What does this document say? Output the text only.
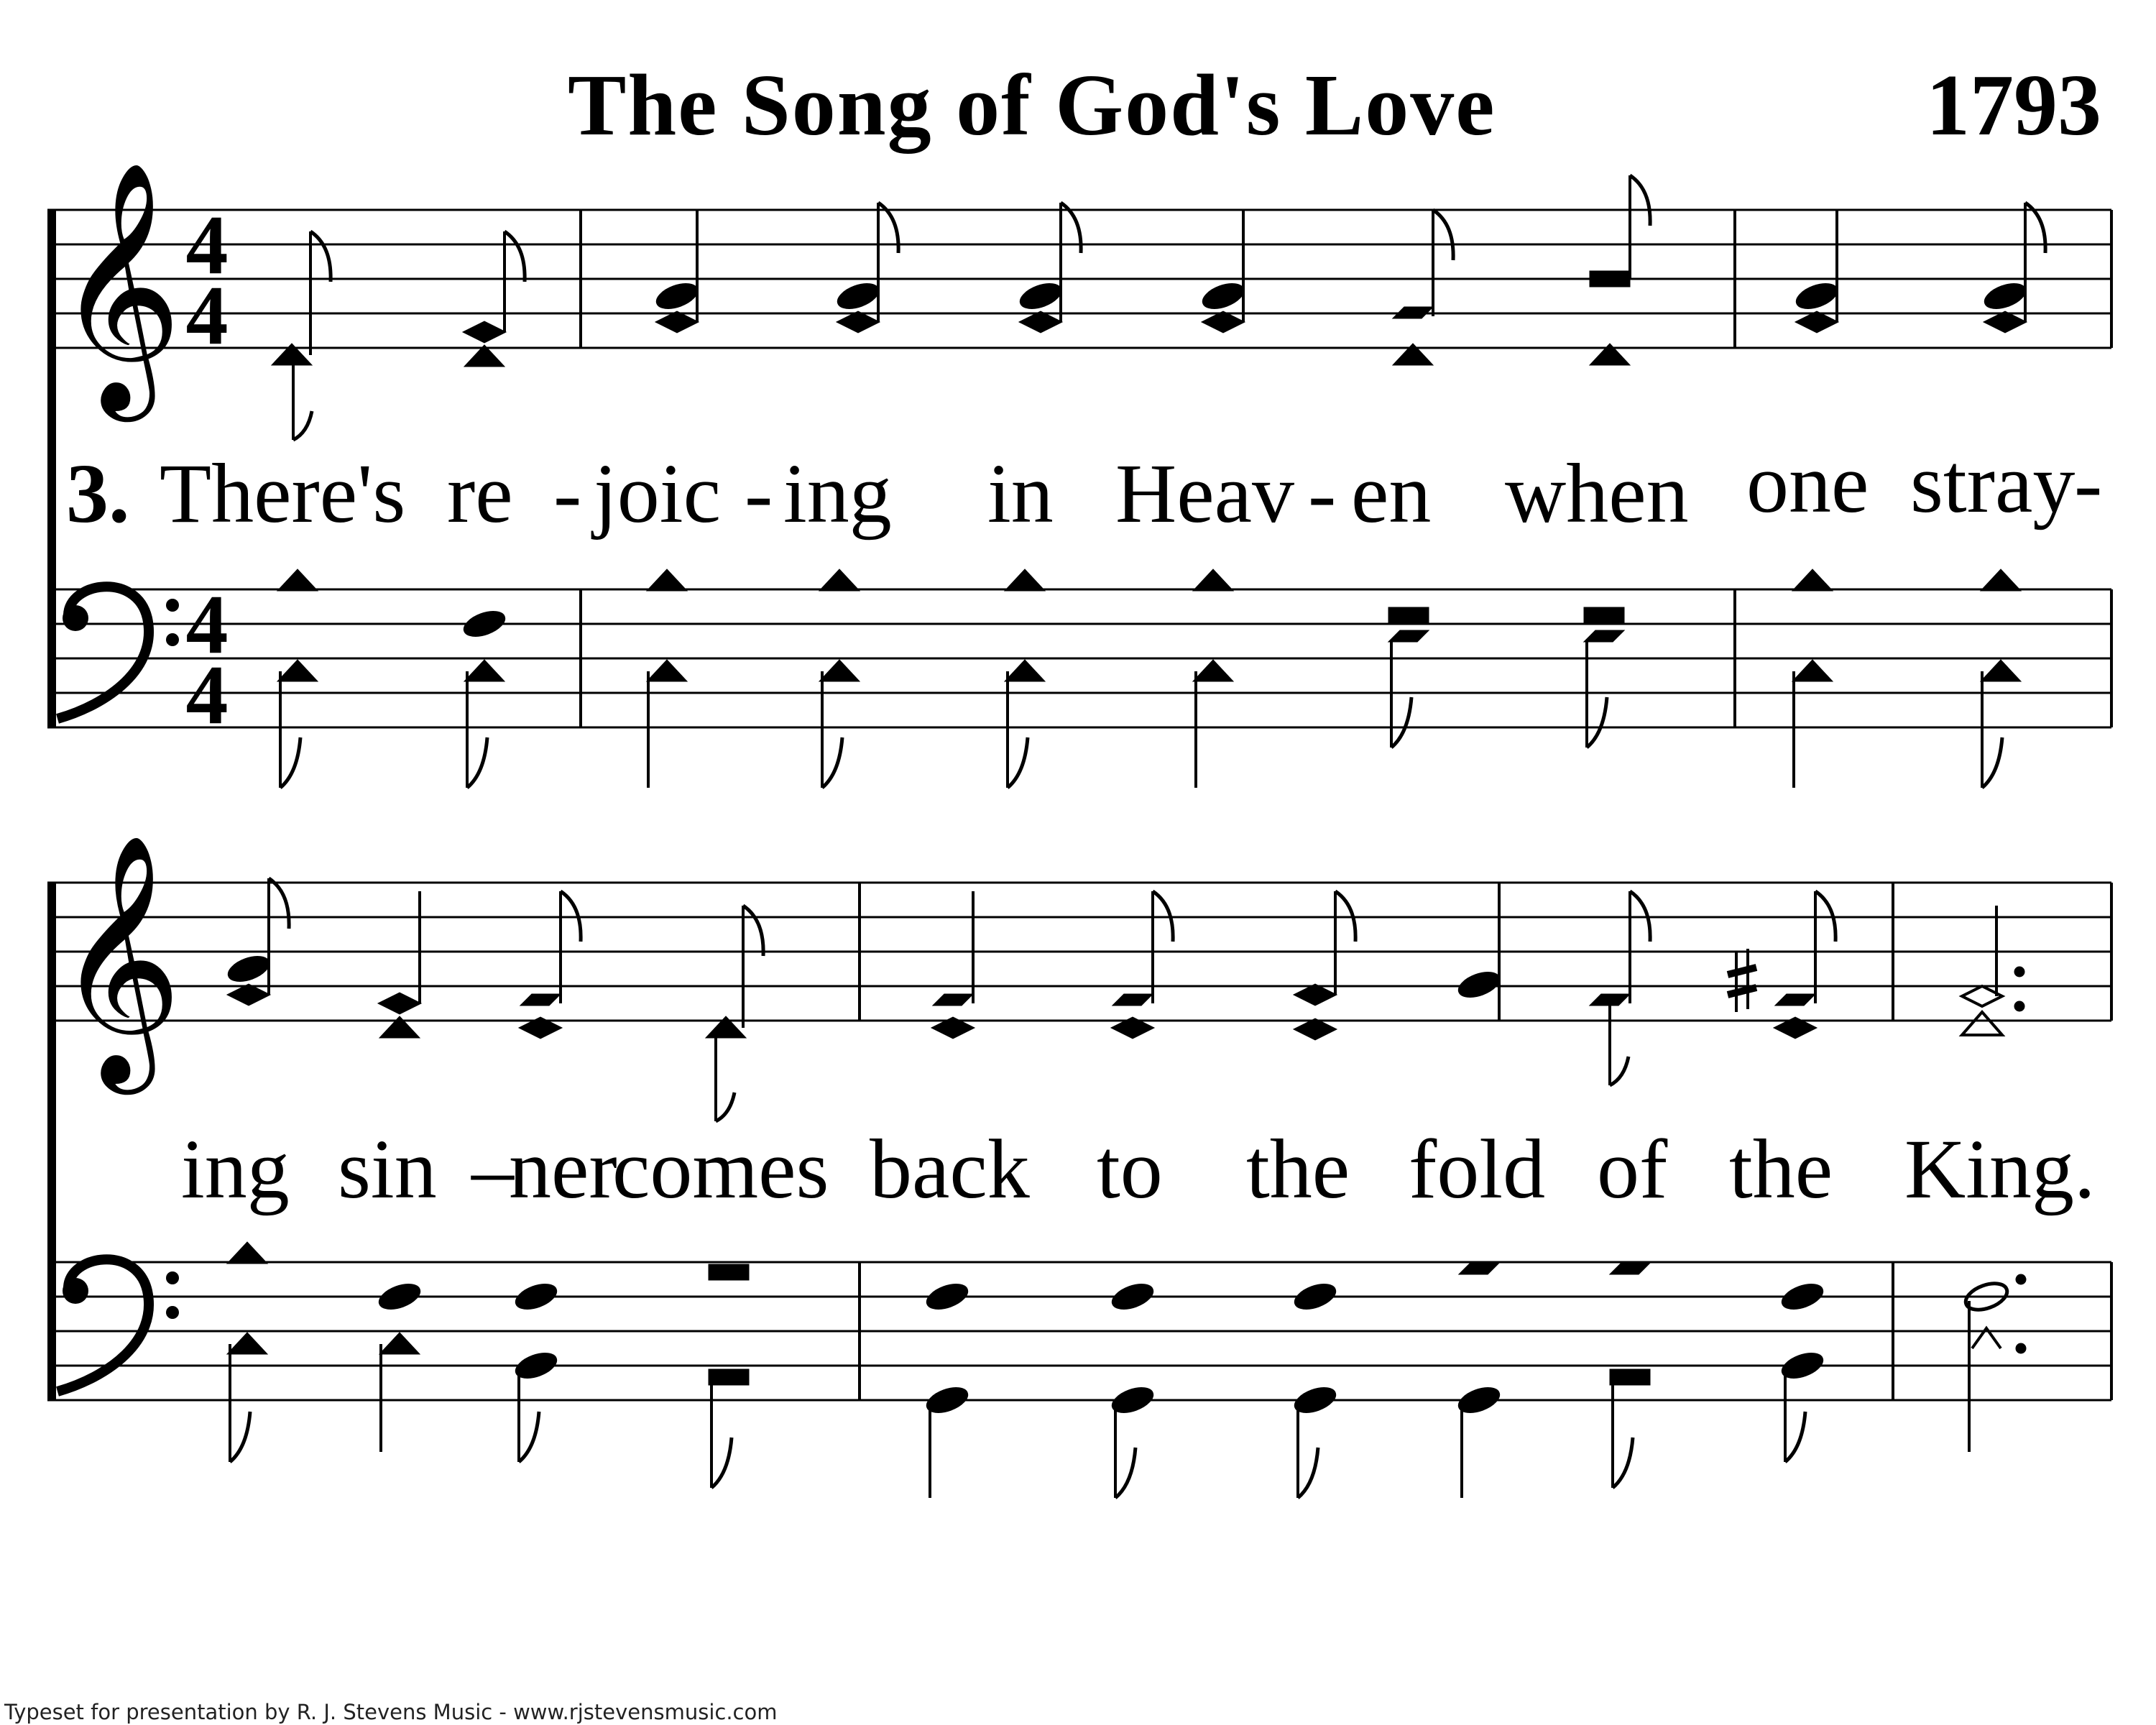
The Song of God's Love	1793
𝄞 4
4
4
4
𝄞
3. There's re - joic - ing in Heav - en when one stray
-
ing sin –
ner
comes back to the fold of the King.
Typeset for presentation by R. J. Stevens Music - www.rjstevensmusic.com
